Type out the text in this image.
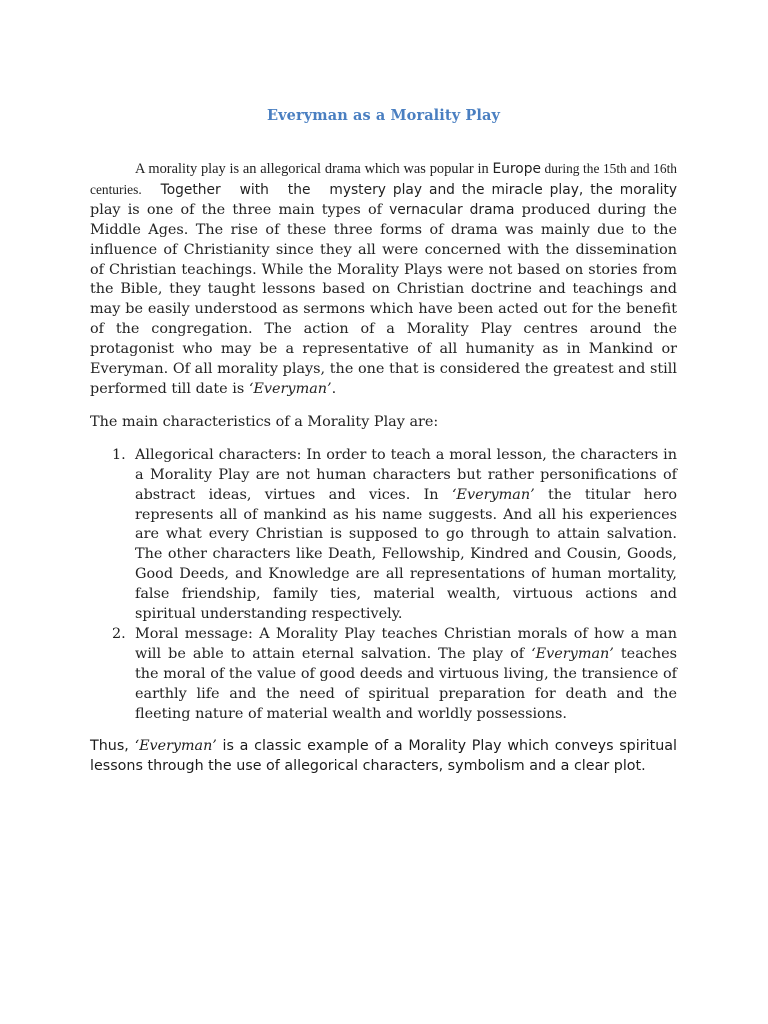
Everyman as a Morality Play

A morality play is an allegorical drama which was popular in Europe during the 15th and 16th centuries. Together with the mystery play and the miracle play, the morality play is one of the three main types of vernacular drama produced during the Middle Ages. The rise of these three forms of drama was mainly due to the influence of Christianity since they all were concerned with the dissemination of Christian teachings. While the Morality Plays were not based on stories from the Bible, they taught lessons based on Christian doctrine and teachings and may be easily understood as sermons which have been acted out for the benefit of the congregation. The action of a Morality Play centres around the protagonist who may be a representative of all humanity as in Mankind or Everyman. Of all morality plays, the one that is considered the greatest and still performed till date is ‘Everyman’.

The main characteristics of a Morality Play are:

1. Allegorical characters: In order to teach a moral lesson, the characters in a Morality Play are not human characters but rather personifications of abstract ideas, virtues and vices. In ‘Everyman’ the titular hero represents all of mankind as his name suggests. And all his experiences are what every Christian is supposed to go through to attain salvation. The other characters like Death, Fellowship, Kindred and Cousin, Goods, Good Deeds, and Knowledge are all representations of human mortality, false friendship, family ties, material wealth, virtuous actions and spiritual understanding respectively.
2. Moral message: A Morality Play teaches Christian morals of how a man will be able to attain eternal salvation. The play of ‘Everyman’ teaches the moral of the value of good deeds and virtuous living, the transience of earthly life and the need of spiritual preparation for death and the fleeting nature of material wealth and worldly possessions.

Thus, ‘Everyman’ is a classic example of a Morality Play which conveys spiritual lessons through the use of allegorical characters, symbolism and a clear plot.
